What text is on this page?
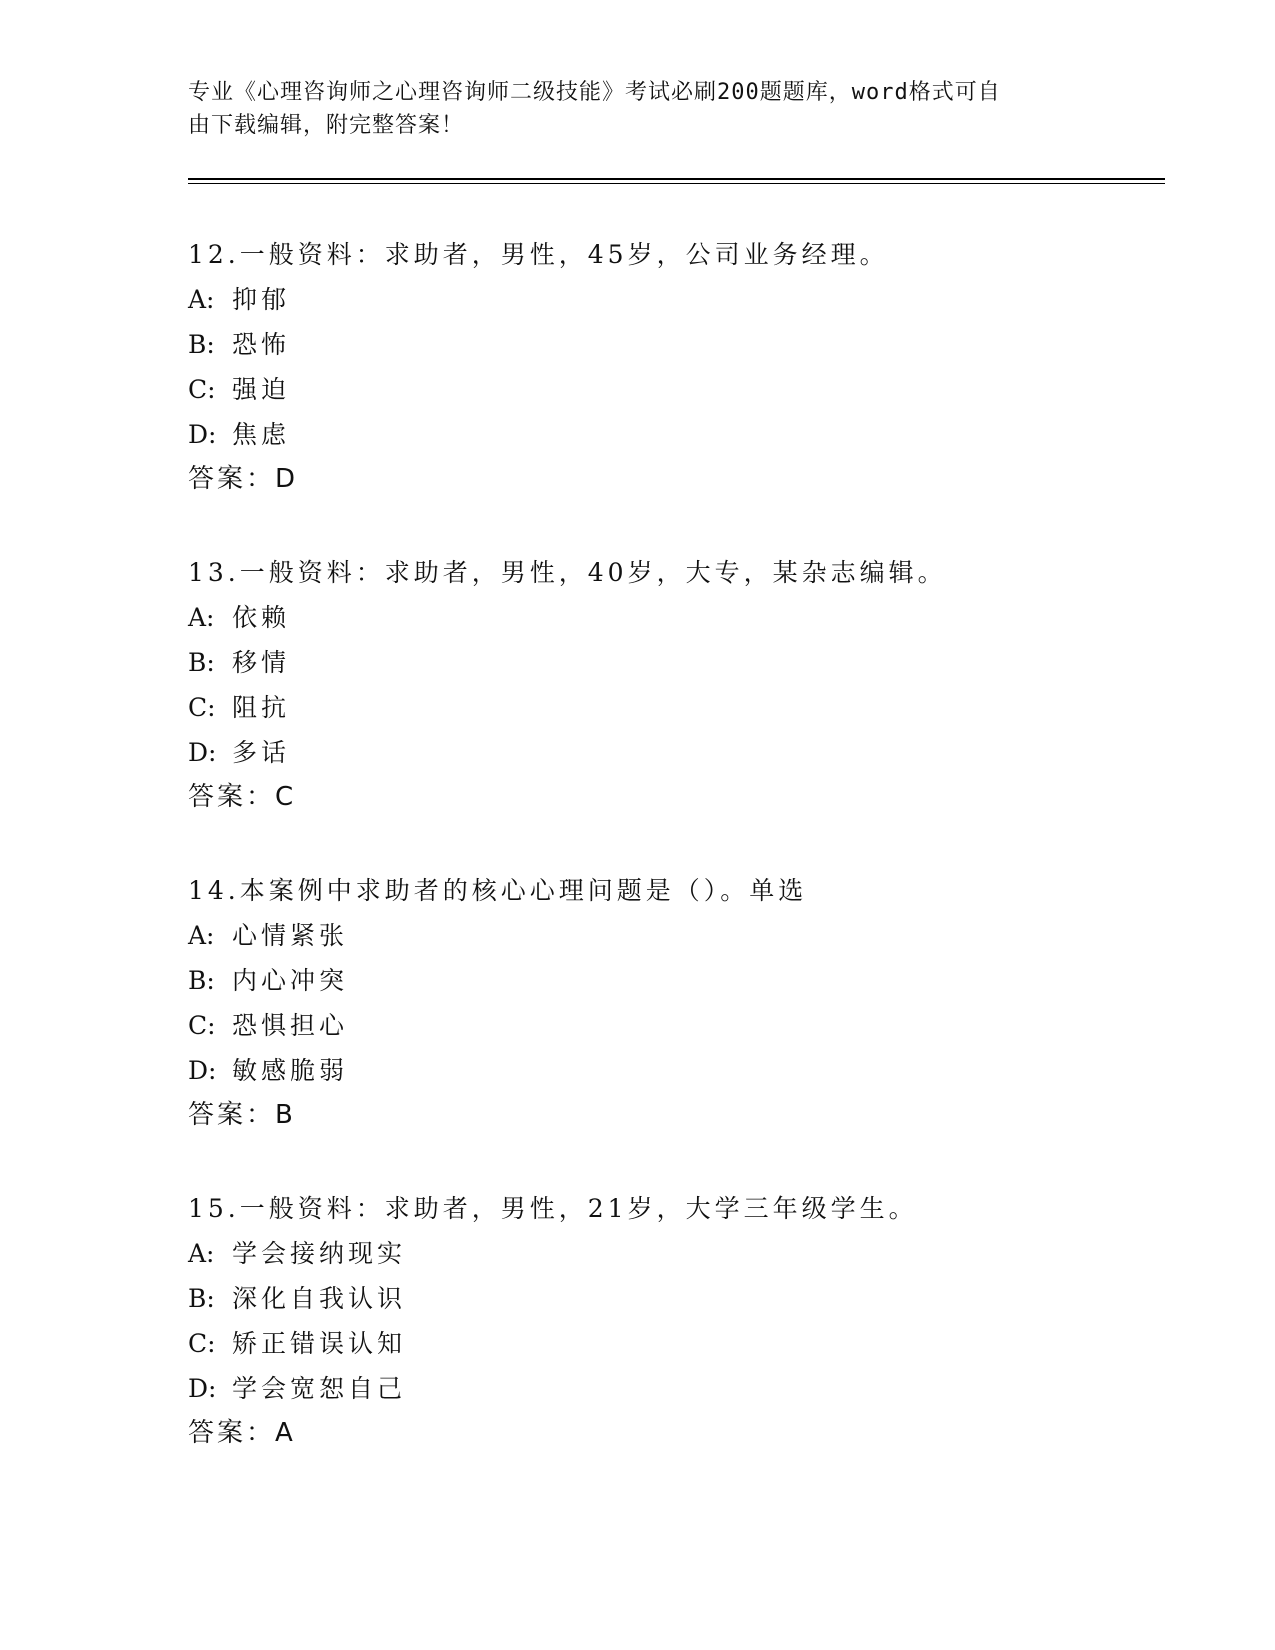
专业《心理咨询师之心理咨询师二级技能》考试必刷200题题库，word格式可自
由下载编辑，附完整答案！
12.一般资料：求助者，男性，45岁，公司业务经理。
A: 抑郁
B: 恐怖
C: 强迫
D: 焦虑
答案：D
13.一般资料：求助者，男性，40岁，大专，某杂志编辑。
A: 依赖
B: 移情
C: 阻抗
D: 多话
答案：C
14.本案例中求助者的核心心理问题是（）。单选
A: 心情紧张
B: 内心冲突
C: 恐惧担心
D: 敏感脆弱
答案：B
15.一般资料：求助者，男性，21岁，大学三年级学生。
A: 学会接纳现实
B: 深化自我认识
C: 矫正错误认知
D: 学会宽恕自己
答案：A
